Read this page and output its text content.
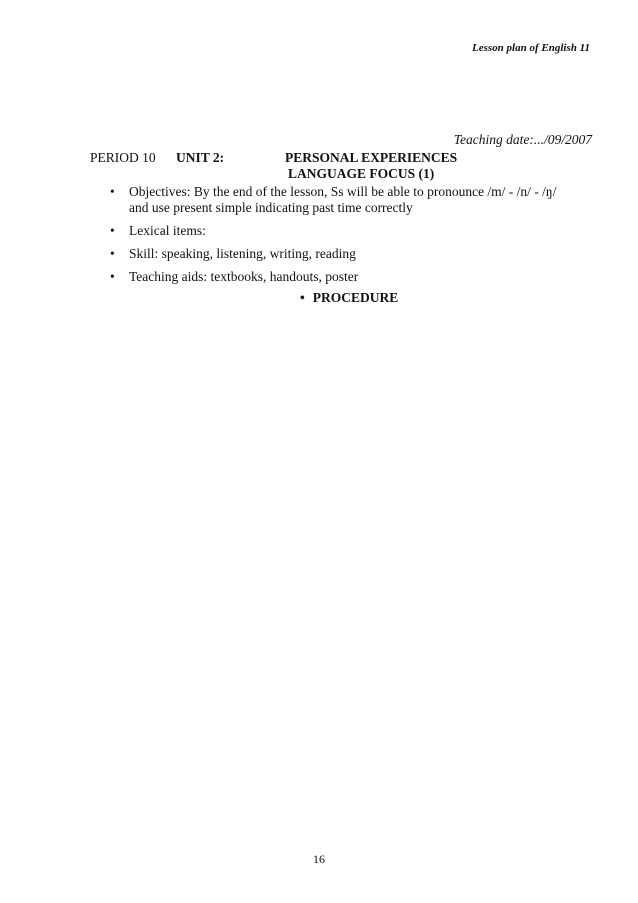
Lesson plan of English 11
Teaching date:.../09/2007
PERIOD 10 UNIT 2:	PERSONAL EXPERIENCES
LANGUAGE FOCUS (1)
• Objectives: By the end of the lesson, Ss will be able to pronounce /m/ - /n/ - /ŋ/
and use present simple indicating past time correctly
• Lexical items:
• Skill: speaking, listening, writing, reading
• Teaching aids: textbooks, handouts, poster
• PROCEDURE
16
